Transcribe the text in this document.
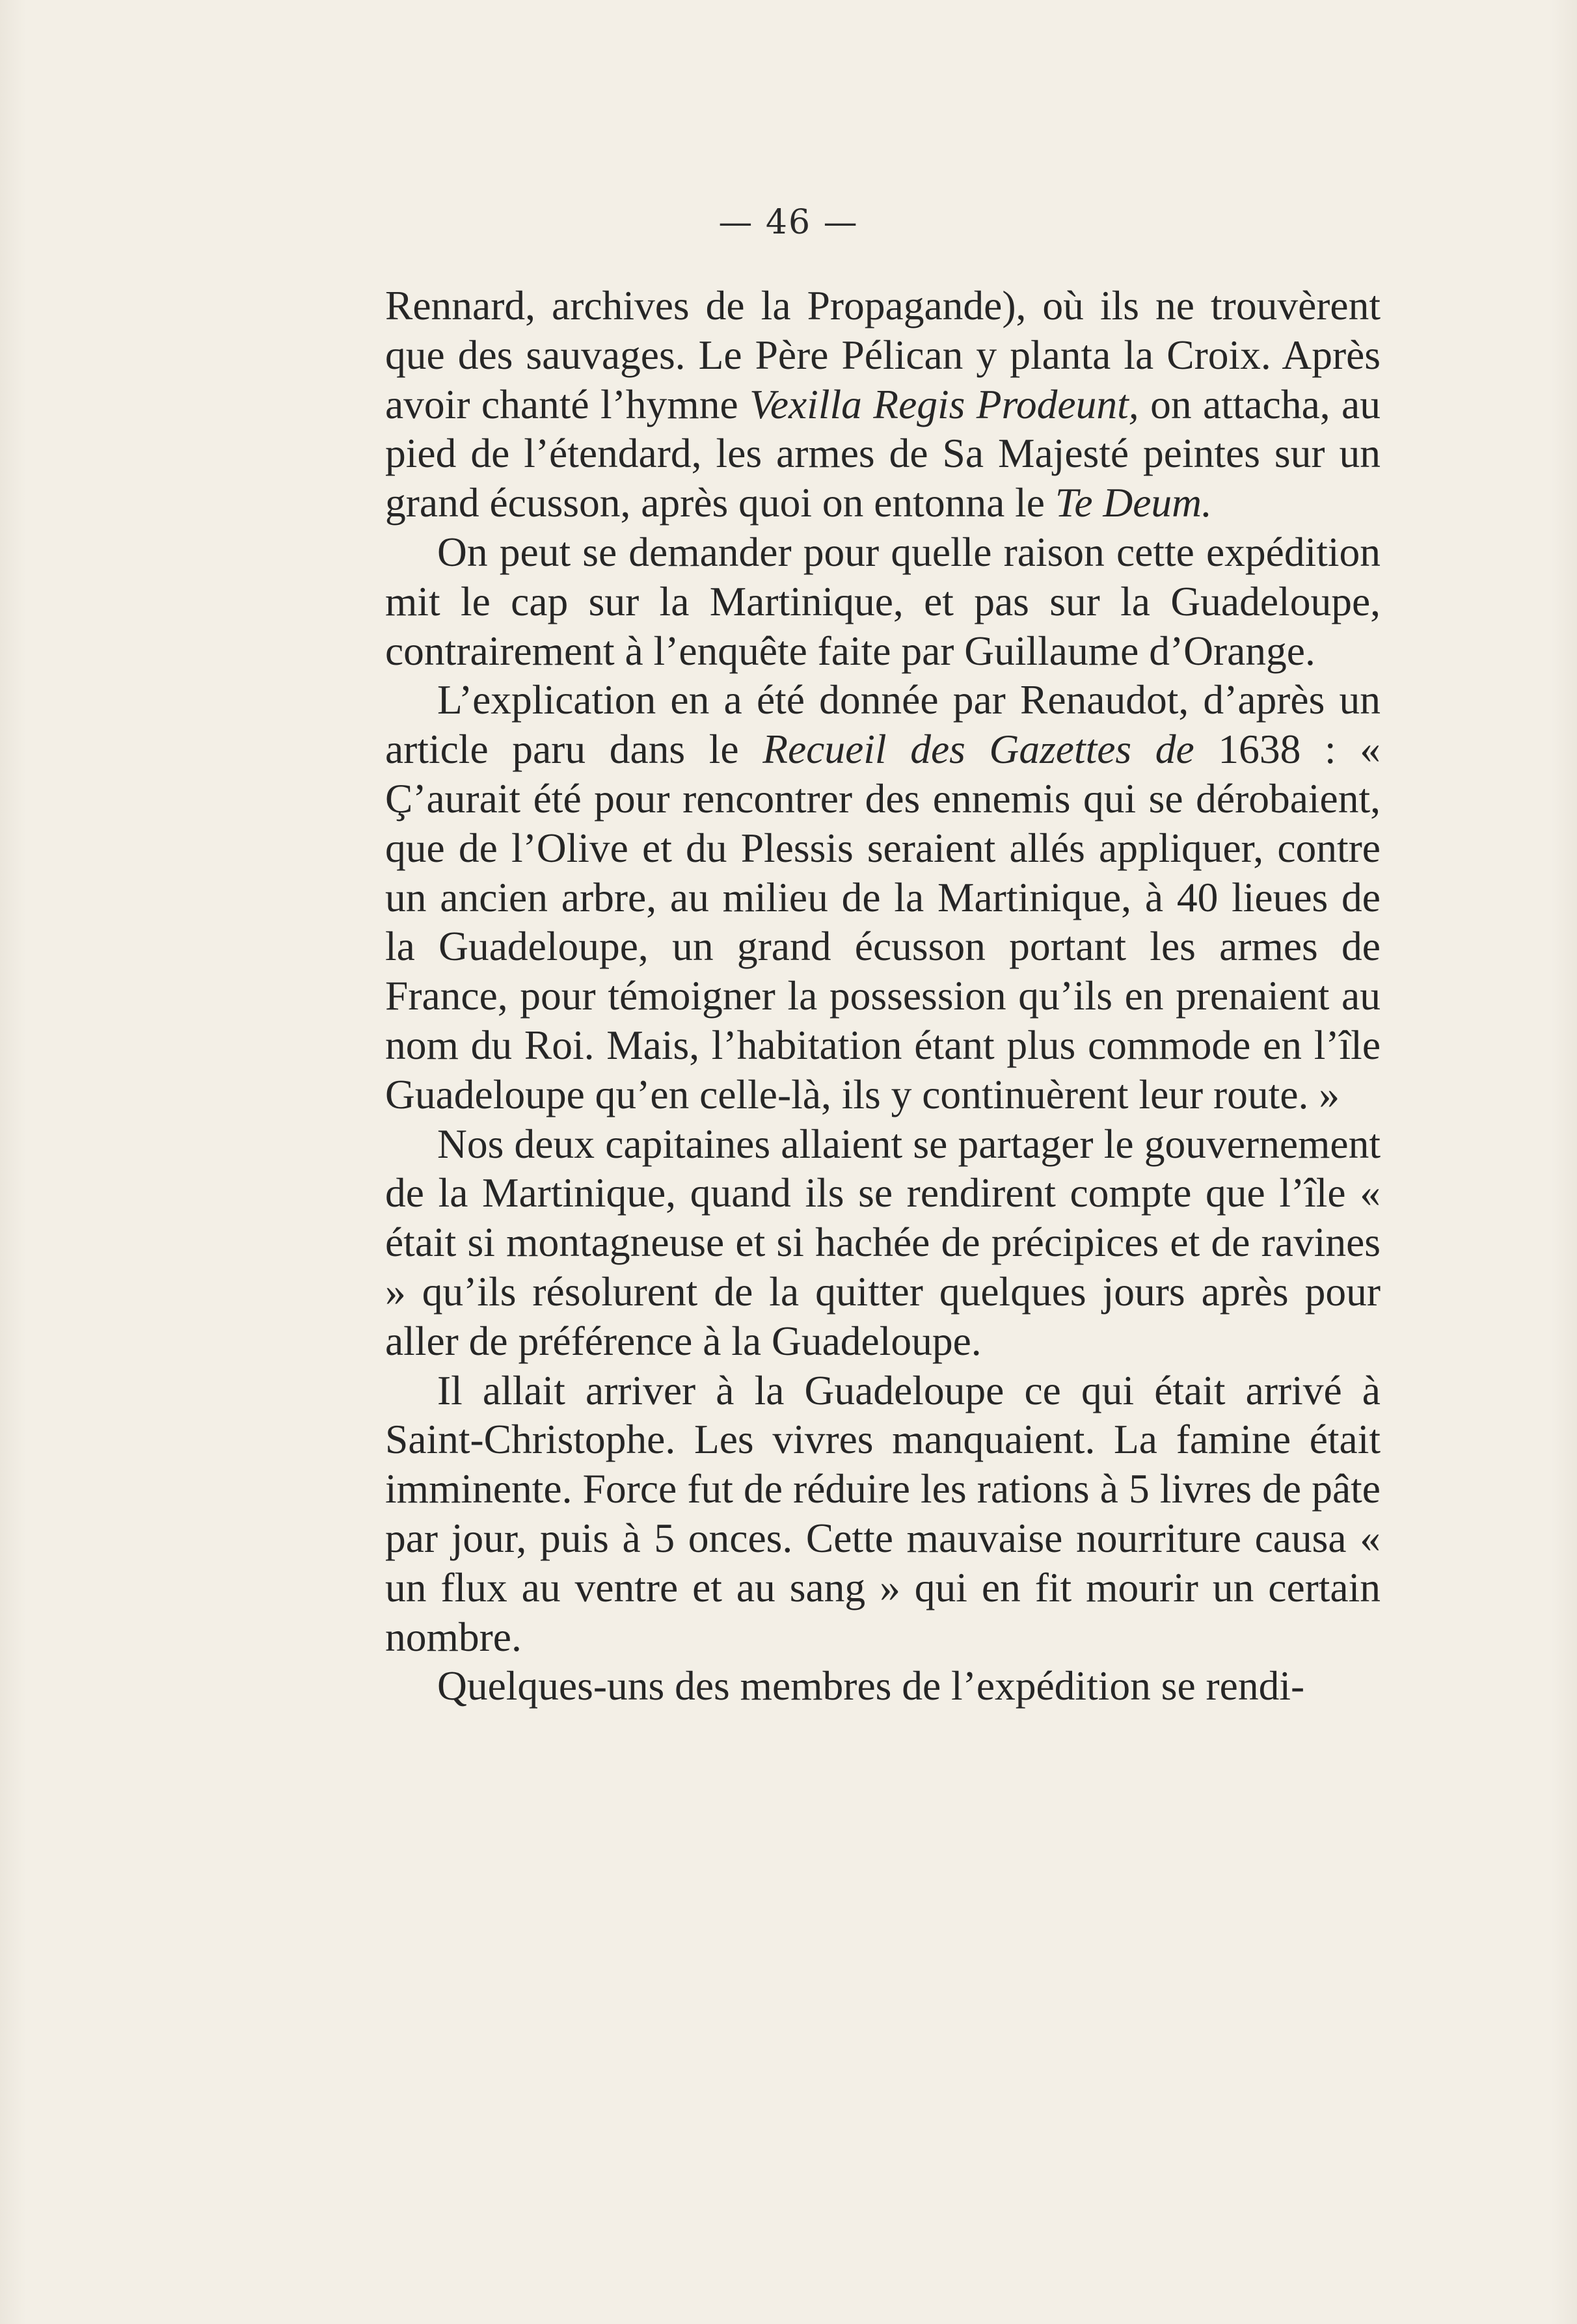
— 46 —

Rennard, archives de la Propagande), où ils ne trouvèrent que des sauvages. Le Père Pélican y planta la Croix. Après avoir chanté l’hymne Vexilla Regis Prodeunt, on attacha, au pied de l’étendard, les armes de Sa Majesté peintes sur un grand écusson, après quoi on entonna le Te Deum.

On peut se demander pour quelle raison cette expédition mit le cap sur la Martinique, et pas sur la Guadeloupe, contrairement à l’enquête faite par Guillaume d’Orange.

L’explication en a été donnée par Renaudot, d’après un article paru dans le Recueil des Gazettes de 1638 : « Ç’aurait été pour rencontrer des ennemis qui se dérobaient, que de l’Olive et du Plessis seraient allés appliquer, contre un ancien arbre, au milieu de la Martinique, à 40 lieues de la Guadeloupe, un grand écusson portant les armes de France, pour témoigner la possession qu’ils en prenaient au nom du Roi. Mais, l’habitation étant plus commode en l’île Guadeloupe qu’en celle-là, ils y continuèrent leur route. »

Nos deux capitaines allaient se partager le gouvernement de la Martinique, quand ils se rendirent compte que l’île « était si montagneuse et si hachée de précipices et de ravines » qu’ils résolurent de la quitter quelques jours après pour aller de préférence à la Guadeloupe.

Il allait arriver à la Guadeloupe ce qui était arrivé à Saint-Christophe. Les vivres manquaient. La famine était imminente. Force fut de réduire les rations à 5 livres de pâte par jour, puis à 5 onces. Cette mauvaise nourriture causa « un flux au ventre et au sang » qui en fit mourir un certain nombre.

Quelques-uns des membres de l’expédition se rendi-
